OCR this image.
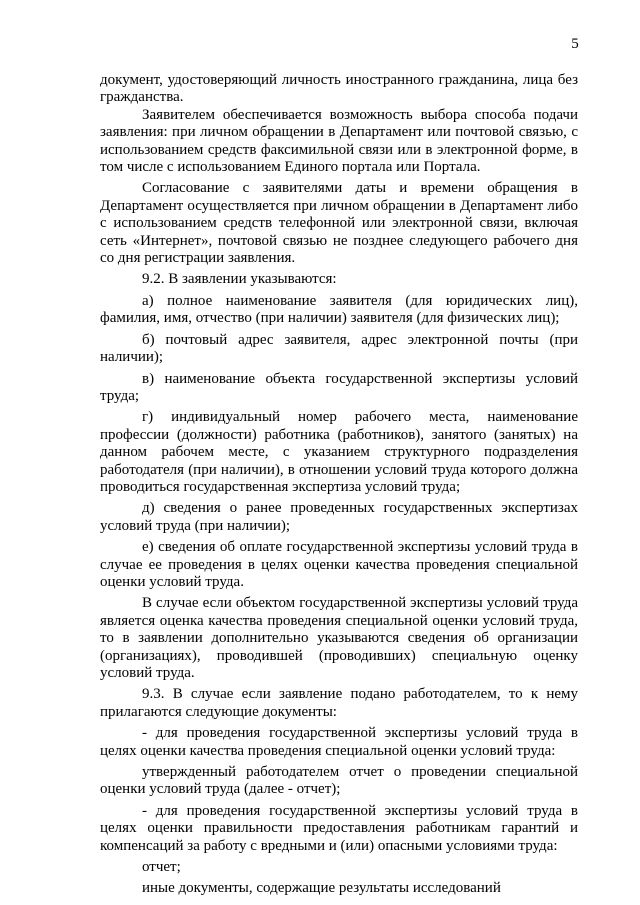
5

документ, удостоверяющий личность иностранного гражданина, лица без гражданства.

Заявителем обеспечивается возможность выбора способа подачи заявления: при личном обращении в Департамент или почтовой связью, с использованием средств факсимильной связи или в электронной форме, в том числе с использованием Единого портала или Портала.

Согласование с заявителями даты и времени обращения в Департамент осуществляется при личном обращении в Департамент либо с использованием средств телефонной или электронной связи, включая сеть «Интернет», почтовой связью не позднее следующего рабочего дня со дня регистрации заявления.

9.2. В заявлении указываются:

а) полное наименование заявителя (для юридических лиц), фамилия, имя, отчество (при наличии) заявителя (для физических лиц);

б) почтовый адрес заявителя, адрес электронной почты (при наличии);

в) наименование объекта государственной экспертизы условий труда;

г) индивидуальный номер рабочего места, наименование профессии (должности) работника (работников), занятого (занятых) на данном рабочем месте, с указанием структурного подразделения работодателя (при наличии), в отношении условий труда которого должна проводиться государственная экспертиза условий труда;

д) сведения о ранее проведенных государственных экспертизах условий труда (при наличии);

е) сведения об оплате государственной экспертизы условий труда в случае ее проведения в целях оценки качества проведения специальной оценки условий труда.

В случае если объектом государственной экспертизы условий труда является оценка качества проведения специальной оценки условий труда, то в заявлении дополнительно указываются сведения об организации (организациях), проводившей (проводивших) специальную оценку условий труда.

9.3. В случае если заявление подано работодателем, то к нему прилагаются следующие документы:

- для проведения государственной экспертизы условий труда в целях оценки качества проведения специальной оценки условий труда:

утвержденный работодателем отчет о проведении специальной оценки условий труда (далее - отчет);

- для проведения государственной экспертизы условий труда в целях оценки правильности предоставления работникам гарантий и компенсаций за работу с вредными и (или) опасными условиями труда:

отчет;

иные документы, содержащие результаты исследований
